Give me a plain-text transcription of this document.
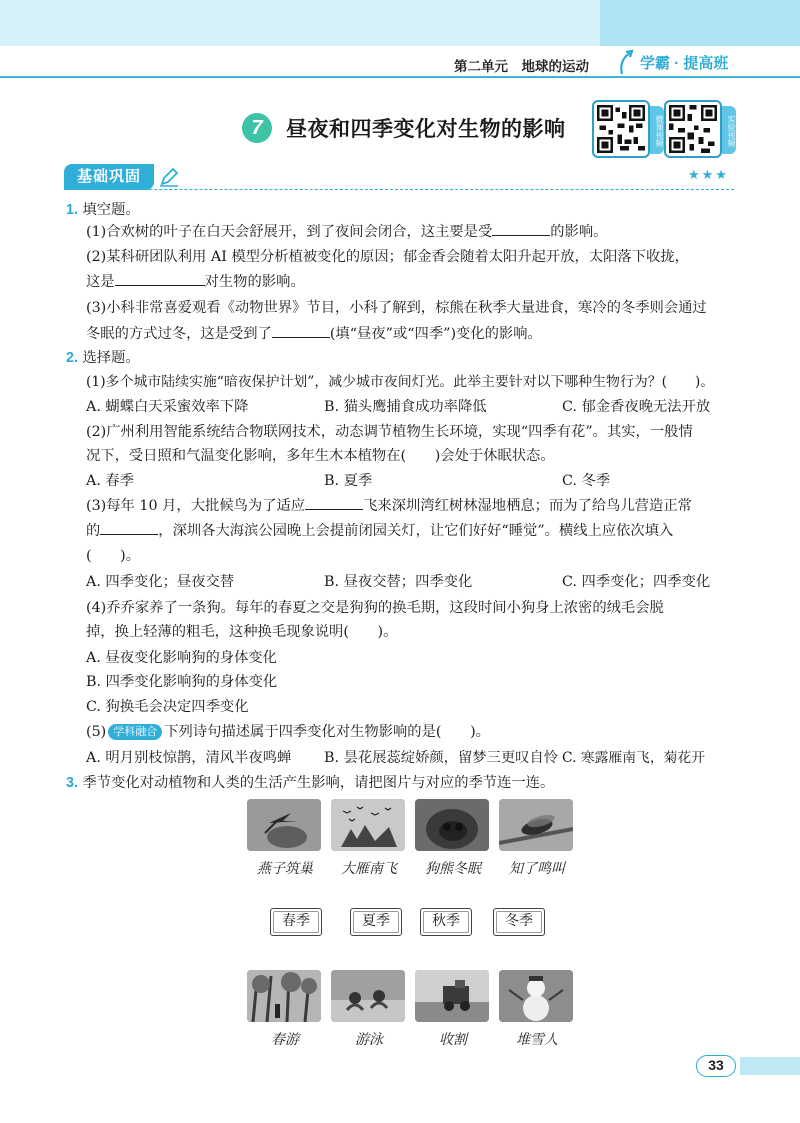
第二单元　地球的运动	学霸 · 提高班
7	昼夜和四季变化对生物的影响	微课视频	实验视频
基础巩固	★★★
1. 填空题。
(1)合欢树的叶子在白天会舒展开，到了夜间会闭合，这主要是受	的影响。
(2)某科研团队利用 AI 模型分析植被变化的原因；郁金香会随着太阳升起开放，太阳落下收拢，
这是	对生物的影响。
(3)小科非常喜爱观看《动物世界》节目，小科了解到，棕熊在秋季大量进食，寒冷的冬季则会通过
冬眠的方式过冬，这是受到了	(填“昼夜”或“四季”)变化的影响。
2. 选择题。
(1)多个城市陆续实施“暗夜保护计划”，减少城市夜间灯光。此举主要针对以下哪种生物行为？(　　)。
A. 蝴蝶白天采蜜效率下降	B. 猫头鹰捕食成功率降低	C. 郁金香夜晚无法开放
(2)广州利用智能系统结合物联网技术，动态调节植物生长环境，实现“四季有花”。其实，一般情
况下，受日照和气温变化影响，多年生木本植物在(　　)会处于休眠状态。
A. 春季	B. 夏季	C. 冬季
(3)每年 10 月，大批候鸟为了适应	飞来深圳湾红树林湿地栖息；而为了给鸟儿营造正常
的	，深圳各大海滨公园晚上会提前闭园关灯，让它们好好“睡觉”。横线上应依次填入
(　　)。
A. 四季变化；昼夜交替	B. 昼夜交替；四季变化	C. 四季变化；四季变化
(4)乔乔家养了一条狗。每年的春夏之交是狗狗的换毛期，这段时间小狗身上浓密的绒毛会脱
掉，换上轻薄的粗毛，这种换毛现象说明(　　)。
A. 昼夜变化影响狗的身体变化
B. 四季变化影响狗的身体变化
C. 狗换毛会决定四季变化
(5) 学科融合 下列诗句描述属于四季变化对生物影响的是(　　)。
A. 明月别枝惊鹊，清风半夜鸣蝉 B. 昙花展蕊绽娇颜，留梦三更叹自怜 C. 寒露雁南飞，菊花开
3. 季节变化对动植物和人类的生活产生影响，请把图片与对应的季节连一连。
燕子筑巢	大雁南飞	狗熊冬眠	知了鸣叫
春季	夏季	秋季	冬季
春游	游泳	收割	堆雪人
33
